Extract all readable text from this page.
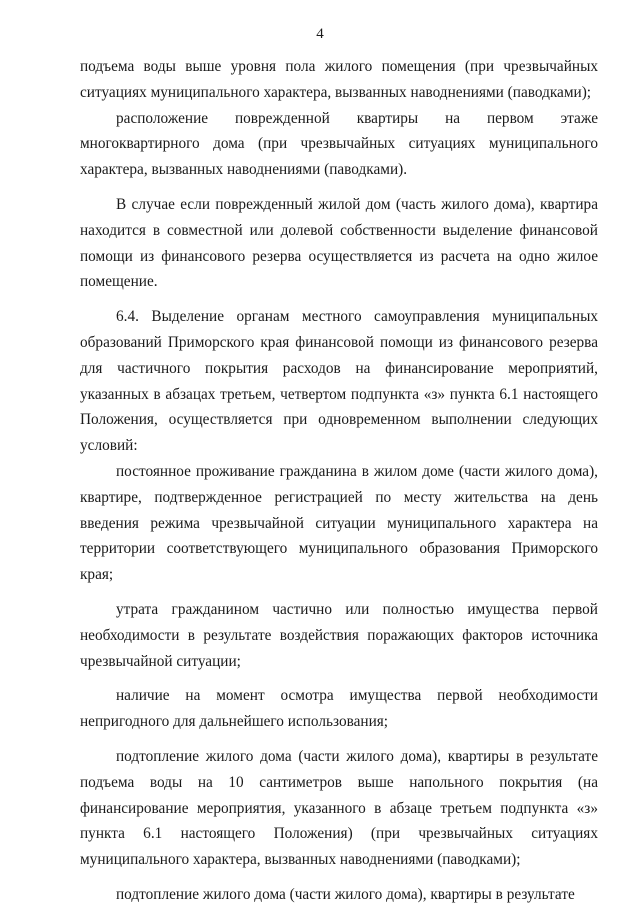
4

подъема воды выше уровня пола жилого помещения (при чрезвычайных ситуациях муниципального характера, вызванных наводнениями (паводками);

расположение поврежденной квартиры на первом этаже многоквартирного дома (при чрезвычайных ситуациях муниципального характера, вызванных наводнениями (паводками).

В случае если поврежденный жилой дом (часть жилого дома), квартира находится в совместной или долевой собственности выделение финансовой помощи из финансового резерва осуществляется из расчета на одно жилое помещение.

6.4. Выделение органам местного самоуправления муниципальных образований Приморского края финансовой помощи из финансового резерва для частичного покрытия расходов на финансирование мероприятий, указанных в абзацах третьем, четвертом подпункта «з» пункта 6.1 настоящего Положения, осуществляется при одновременном выполнении следующих условий:

постоянное проживание гражданина в жилом доме (части жилого дома), квартире, подтвержденное регистрацией по месту жительства на день введения режима чрезвычайной ситуации муниципального характера на территории соответствующего муниципального образования Приморского края;

утрата гражданином частично или полностью имущества первой необходимости в результате воздействия поражающих факторов источника чрезвычайной ситуации;

наличие на момент осмотра имущества первой необходимости непригодного для дальнейшего использования;

подтопление жилого дома (части жилого дома), квартиры в результате подъема воды на 10 сантиметров выше напольного покрытия (на финансирование мероприятия, указанного в абзаце третьем подпункта «з» пункта 6.1 настоящего Положения) (при чрезвычайных ситуациях муниципального характера, вызванных наводнениями (паводками);

подтопление жилого дома (части жилого дома), квартиры в результате
